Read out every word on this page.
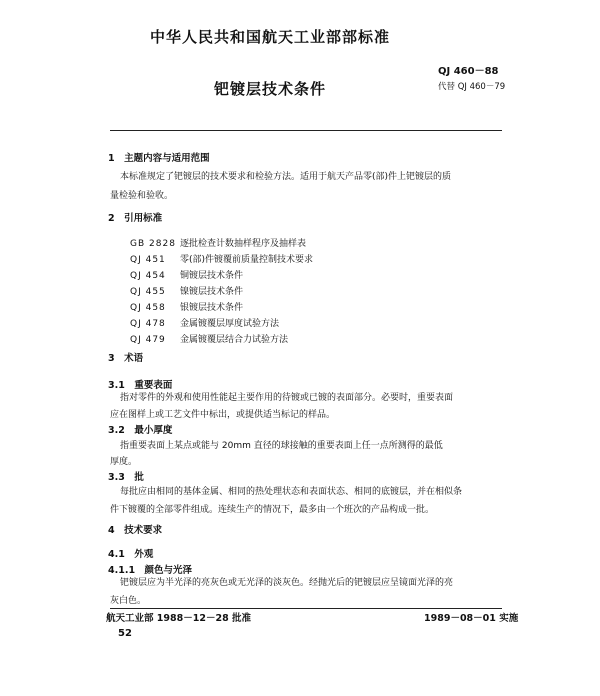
中华人民共和国航天工业部部标准
QJ 460－88
钯镀层技术条件	代替 QJ 460－79
1　主题内容与适用范围
本标准规定了钯镀层的技术要求和检验方法。适用于航天产品零(部)件上钯镀层的质
量检验和验收。
2　引用标准
GB 2828 逐批检查计数抽样程序及抽样表
QJ 451 零(部)件镀覆前质量控制技术要求
QJ 454 铜镀层技术条件
QJ 455 镍镀层技术条件
QJ 458 银镀层技术条件
QJ 478 金属镀覆层厚度试验方法
QJ 479 金属镀覆层结合力试验方法
3　术语
3.1　重要表面
指对零件的外观和使用性能起主要作用的待镀或已镀的表面部分。必要时，重要表面
应在图样上或工艺文件中标出，或提供适当标记的样品。
3.2　最小厚度
指重要表面上某点或能与 20mm 直径的球接触的重要表面上任一点所测得的最低
厚度。
3.3　批
每批应由相同的基体金属、相同的热处理状态和表面状态、相同的底镀层，并在相似条
件下镀覆的全部零件组成。连续生产的情况下，最多由一个班次的产品构成一批。
4　技术要求
4.1　外观
4.1.1　颜色与光泽
钯镀层应为半光泽的亮灰色或无光泽的淡灰色。经抛光后的钯镀层应呈镜面光泽的亮
灰白色。
航天工业部 1988－12－28 批准	1989－08－01 实施
52
